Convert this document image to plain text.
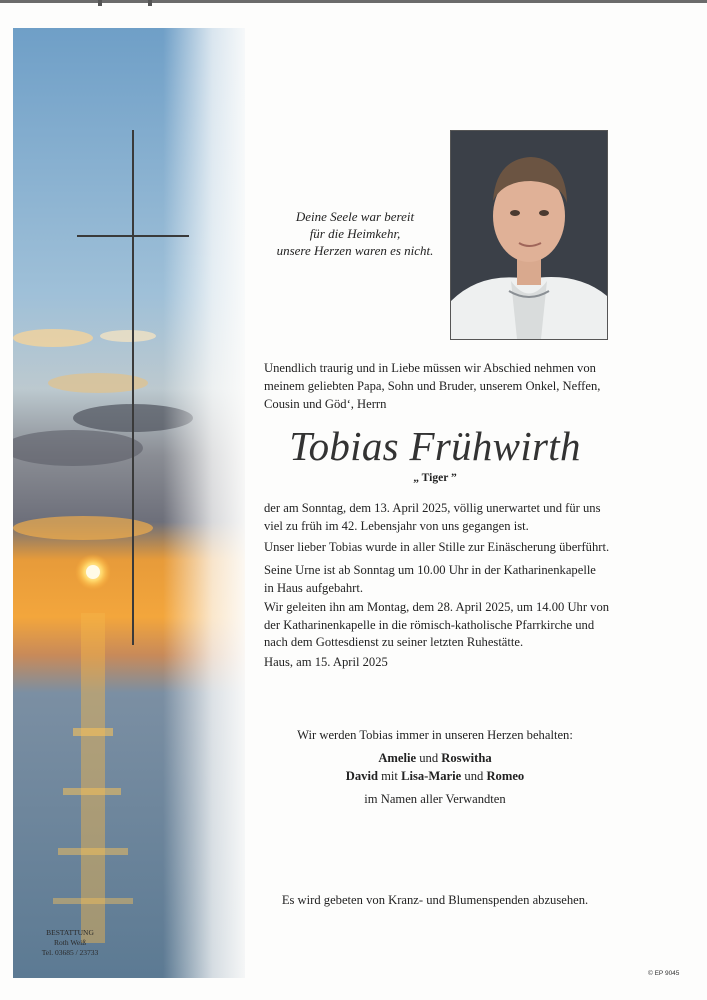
BESTATTUNG
Roth Weiß
Tel. 03685 / 23733
Deine Seele war bereit
für die Heimkehr,
unsere Herzen waren es nicht.
Unendlich traurig und in Liebe müssen wir Abschied nehmen von
meinem geliebten Papa, Sohn und Bruder, unserem Onkel, Neffen,
Cousin und Göd‘, Herrn
Tobias Frühwirth
„ Tiger ”
der am Sonntag, dem 13. April 2025, völlig unerwartet und für uns
viel zu früh im 42. Lebensjahr von uns gegangen ist.
Unser lieber Tobias wurde in aller Stille zur Einäscherung überführt.
Seine Urne ist ab Sonntag um 10.00 Uhr in der Katharinenkapelle
in Haus aufgebahrt.
Wir geleiten ihn am Montag, dem 28. April 2025, um 14.00 Uhr von
der Katharinenkapelle in die römisch-katholische Pfarrkirche und
nach dem Gottesdienst zu seiner letzten Ruhestätte.
Haus, am 15. April 2025
Wir werden Tobias immer in unseren Herzen behalten:
Amelie und Roswitha
David mit Lisa-Marie und Romeo
im Namen aller Verwandten
Es wird gebeten von Kranz- und Blumenspenden abzusehen.
© EP 9045
